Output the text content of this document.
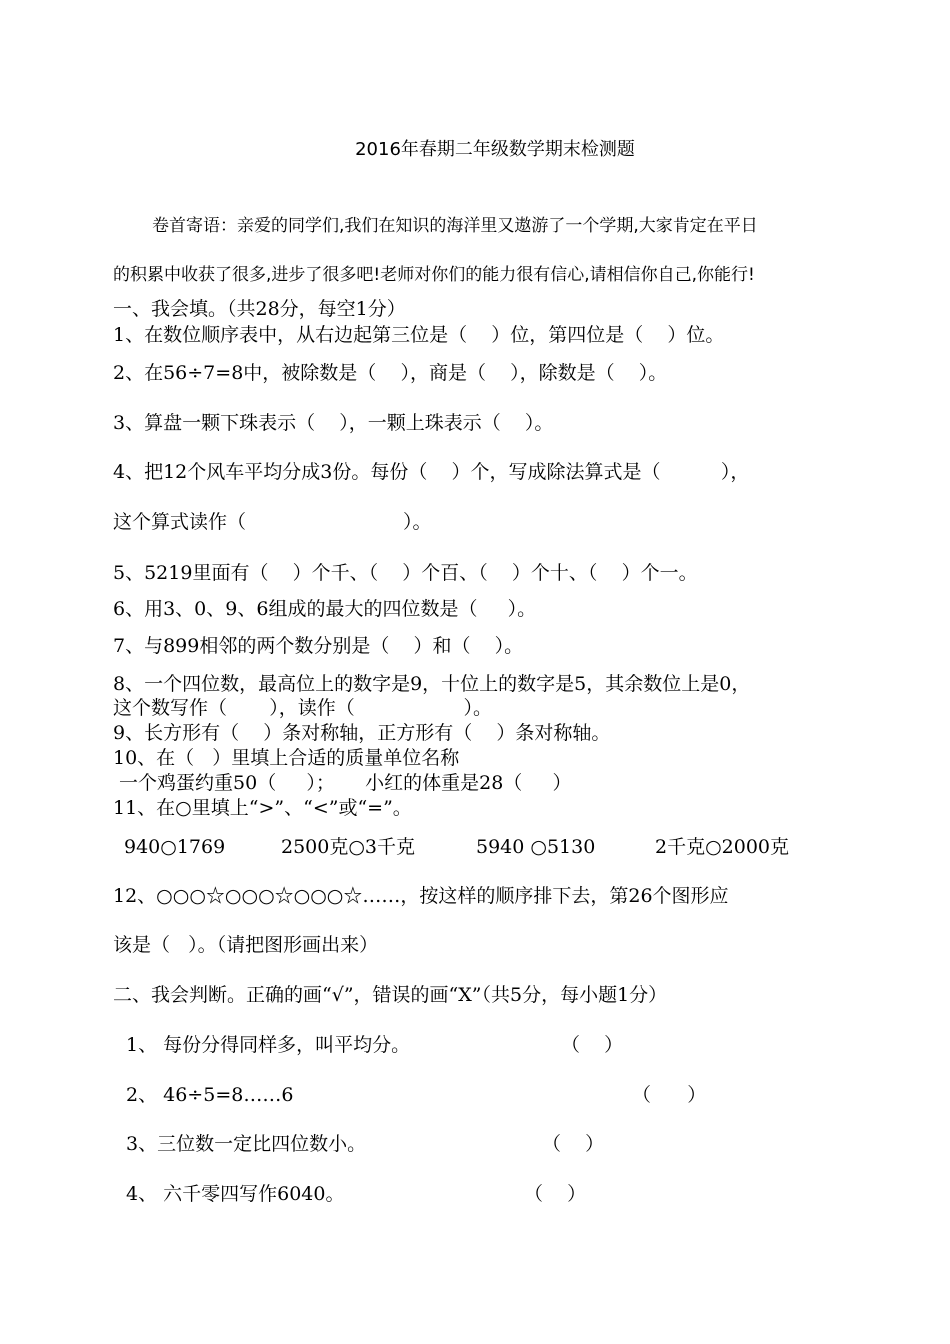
2016年春期二年级数学期末检测题
卷首寄语：亲爱的同学们,我们在知识的海洋里又遨游了一个学期,大家肯定在平日
的积累中收获了很多,进步了很多吧!老师对你们的能力很有信心,请相信你自己,你能行!
一、我会填。（共28分，每空1分）
1、在数位顺序表中，从右边起第三位是（    ）位，第四位是（    ）位。
2、在56÷7=8中，被除数是（    ），商是（    ），除数是（    ）。
3、算盘一颗下珠表示（    ），一颗上珠表示（    ）。
4、把12个风车平均分成3份。每份（    ）个，写成除法算式是（          ），
这个算式读作（                          ）。
5、5219里面有（    ）个千、（    ）个百、（    ）个十、（    ）个一。
6、用3、0、9、6组成的最大的四位数是（     ）。
7、与899相邻的两个数分别是（    ）和（    ）。
8、一个四位数，最高位上的数字是9，十位上的数字是5，其余数位上是0，
这个数写作（       ），读作（                  ）。
9、长方形有（    ）条对称轴，正方形有（    ）条对称轴。
10、在（   ）里填上合适的质量单位名称
一个鸡蛋约重50（     ）；     小红的体重是28（     ）
11、在○里填上“>”、“<”或“=”。
940○1769	2500克○3千克	5940 ○5130	2千克○2000克
12、○○○☆○○○☆○○○☆……，按这样的顺序排下去，第26个图形应
该是（   ）。（请把图形画出来）
二、我会判断。正确的画“√”，错误的画“X”（共5分，每小题1分）
1、 每份分得同样多，叫平均分。	（    ）
2、 46÷5=8……6	（      ）
3、三位数一定比四位数小。	（    ）
4、 六千零四写作6040。	（    ）
